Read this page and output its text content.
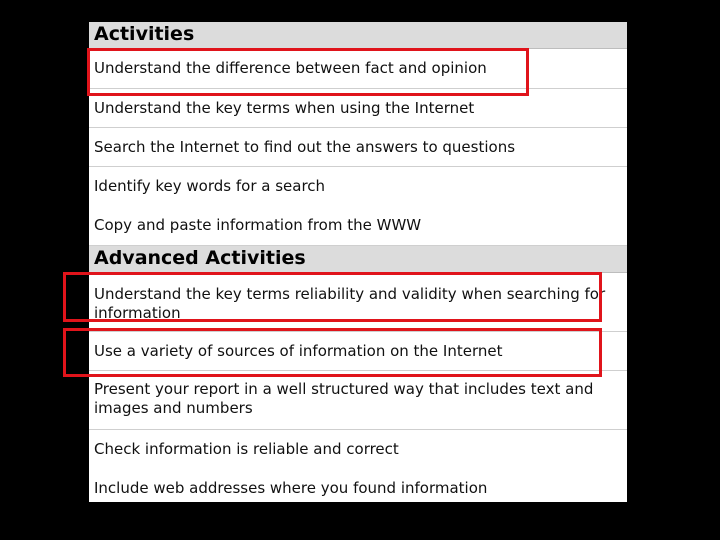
Activities
Understand the difference between fact and opinion
Understand the key terms when using the Internet
Search the Internet to find out the answers to questions
Identify key words for a search
Copy and paste information from the WWW
Advanced Activities
Understand the key terms reliability and validity when searching for information
Use a variety of sources of information on the Internet
Present your report in a well structured way that includes text and images and numbers
Check information is reliable and correct
Include web addresses where you found information
